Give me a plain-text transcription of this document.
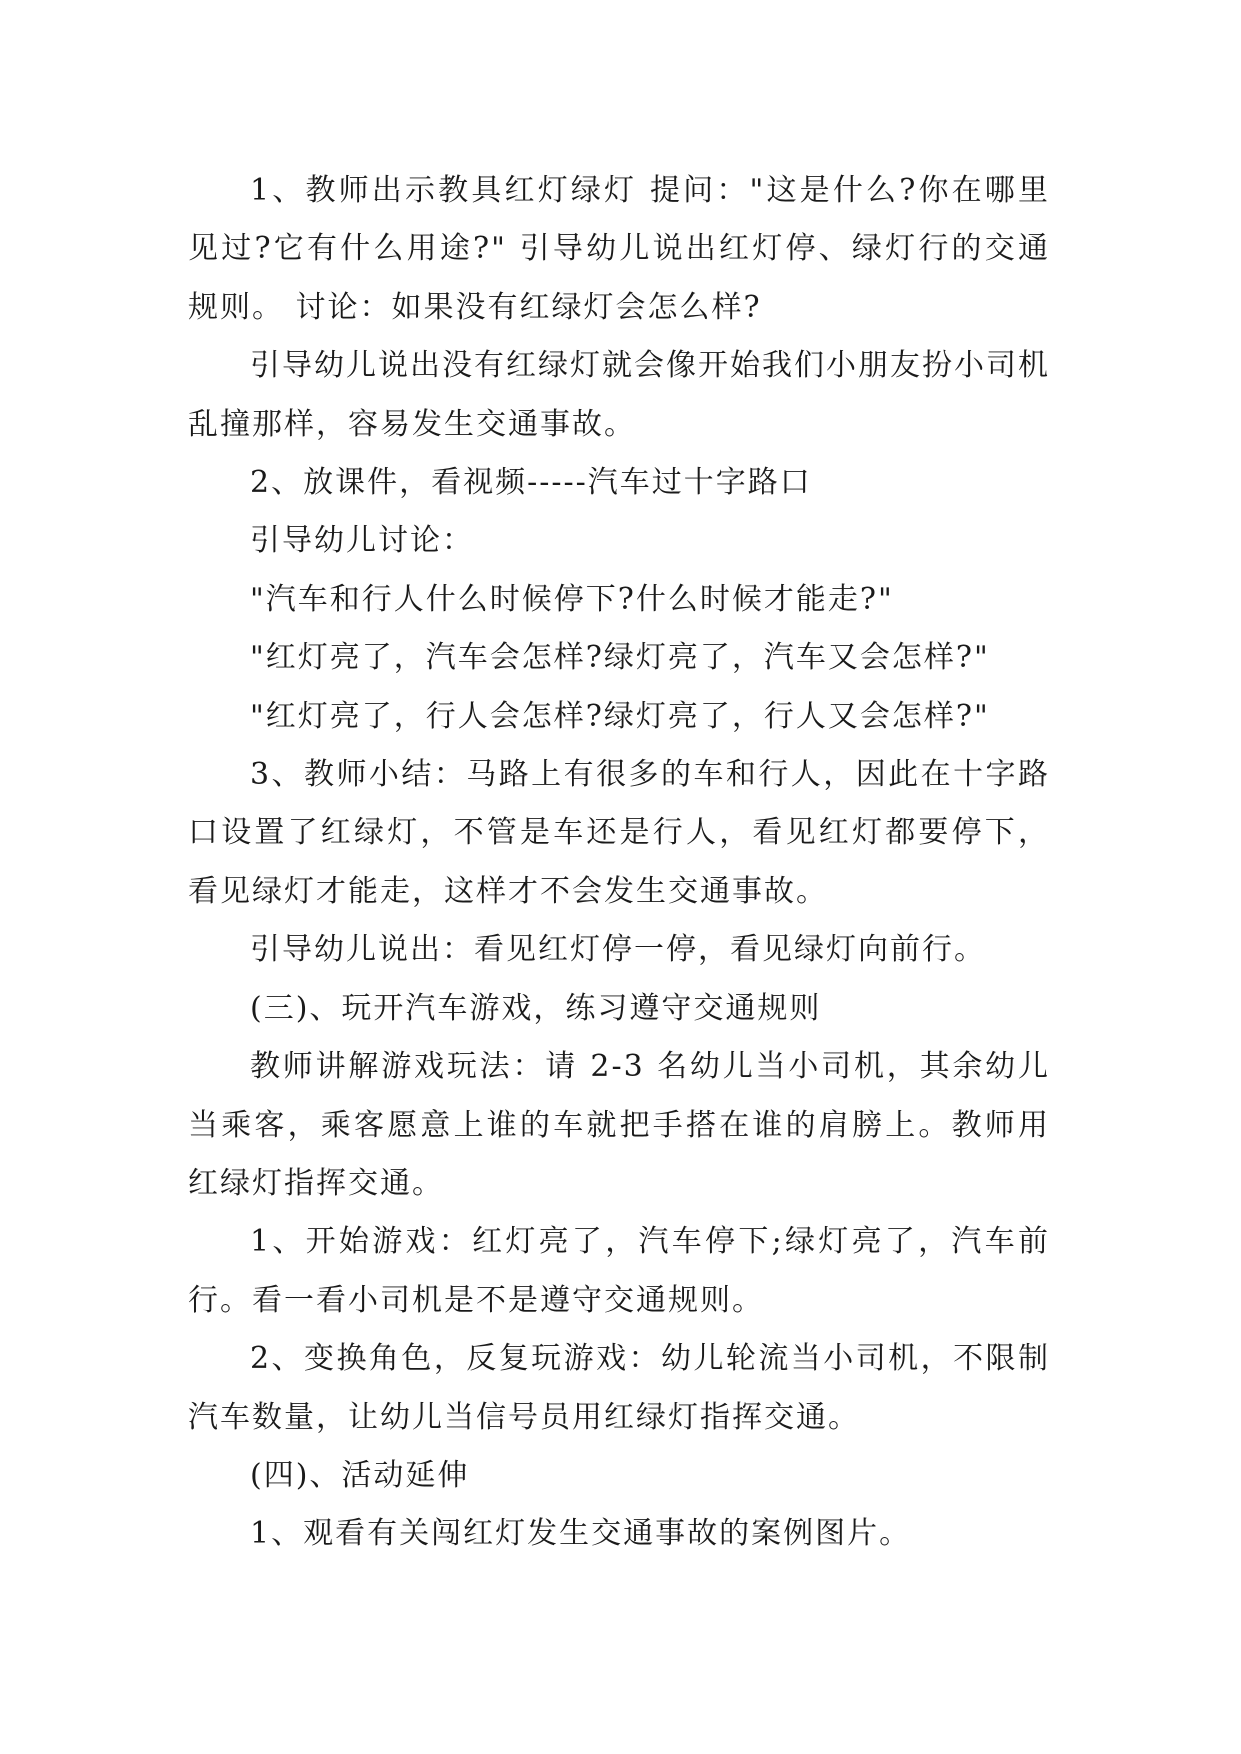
1、教师出示教具红灯绿灯 提问："这是什么?你在哪里见过?它有什么用途?" 引导幼儿说出红灯停、绿灯行的交通规则。 讨论：如果没有红绿灯会怎么样?

引导幼儿说出没有红绿灯就会像开始我们小朋友扮小司机乱撞那样，容易发生交通事故。

2、放课件，看视频-----汽车过十字路口

引导幼儿讨论：

"汽车和行人什么时候停下?什么时候才能走?"

"红灯亮了，汽车会怎样?绿灯亮了，汽车又会怎样?"

"红灯亮了，行人会怎样?绿灯亮了，行人又会怎样?"

3、教师小结：马路上有很多的车和行人，因此在十字路口设置了红绿灯，不管是车还是行人，看见红灯都要停下，看见绿灯才能走，这样才不会发生交通事故。

引导幼儿说出：看见红灯停一停，看见绿灯向前行。

(三)、玩开汽车游戏，练习遵守交通规则

教师讲解游戏玩法：请 2-3 名幼儿当小司机，其余幼儿当乘客，乘客愿意上谁的车就把手搭在谁的肩膀上。教师用红绿灯指挥交通。

1、开始游戏：红灯亮了，汽车停下;绿灯亮了，汽车前行。看一看小司机是不是遵守交通规则。

2、变换角色，反复玩游戏：幼儿轮流当小司机，不限制汽车数量，让幼儿当信号员用红绿灯指挥交通。

(四)、活动延伸

1、观看有关闯红灯发生交通事故的案例图片。
